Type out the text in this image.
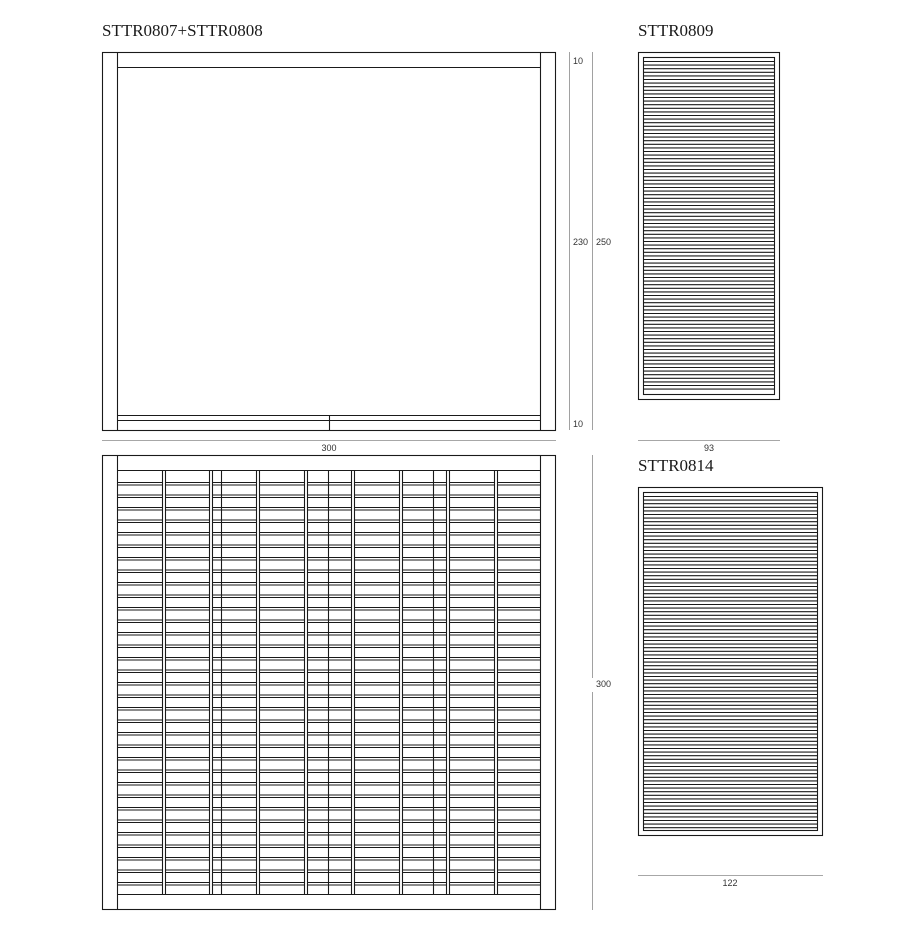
STTR0807+STTR0808	STTR0809
STTR0814
10
230 250
10
300	93
300
122
